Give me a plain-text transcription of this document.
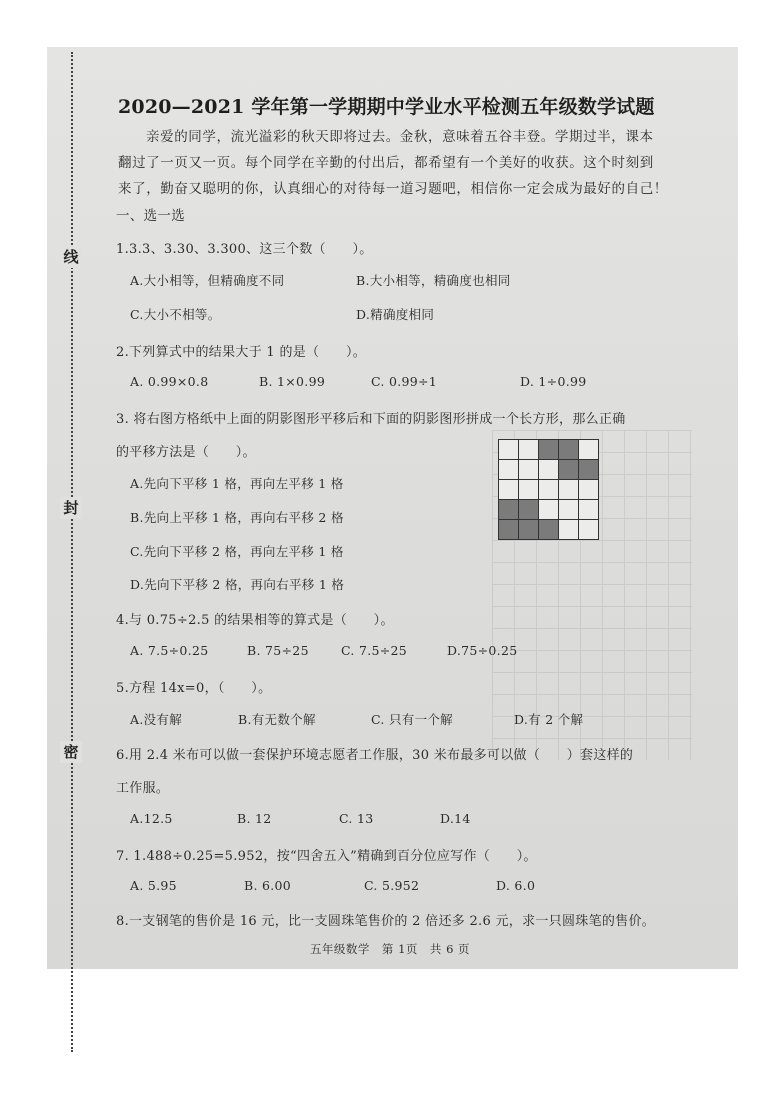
线
封
密
2020—2021 学年第一学期期中学业水平检测五年级数学试题
亲爱的同学，流光溢彩的秋天即将过去。金秋，意味着五谷丰登。学期过半，课本
翻过了一页又一页。每个同学在辛勤的付出后，都希望有一个美好的收获。这个时刻到
来了，勤奋又聪明的你，认真细心的对待每一道习题吧，相信你一定会成为最好的自己！
一、选一选
1.3.3、3.30、3.300、这三个数（　　）。
A.大小相等，但精确度不同	B.大小相等，精确度也相同
C.大小不相等。	D.精确度相同
2.下列算式中的结果大于 1 的是（　　）。
A. 0.99×0.8	B. 1×0.99	C. 0.99÷1	D. 1÷0.99
3. 将右图方格纸中上面的阴影图形平移后和下面的阴影图形拼成一个长方形，那么正确
的平移方法是（　　）。
A.先向下平移 1 格，再向左平移 1 格
B.先向上平移 1 格，再向右平移 2 格
C.先向下平移 2 格，再向左平移 1 格
D.先向下平移 2 格，再向右平移 1 格
4.与 0.75÷2.5 的结果相等的算式是（　　）。
A. 7.5÷0.25	B. 75÷25	C. 7.5÷25	D.75÷0.25
5.方程 14x=0，（　　）。
A.没有解	B.有无数个解	C. 只有一个解	D.有 2 个解
6.用 2.4 米布可以做一套保护环境志愿者工作服，30 米布最多可以做（　　）套这样的
工作服。
A.12.5	B. 12	C. 13	D.14
7. 1.488÷0.25=5.952，按“四舍五入”精确到百分位应写作（　　）。
A. 5.95	B. 6.00	C. 5.952	D. 6.0
8.一支钢笔的售价是 16 元，比一支圆珠笔售价的 2 倍还多 2.6 元，求一只圆珠笔的售价。
五年级数学　第 1页　共 6 页
